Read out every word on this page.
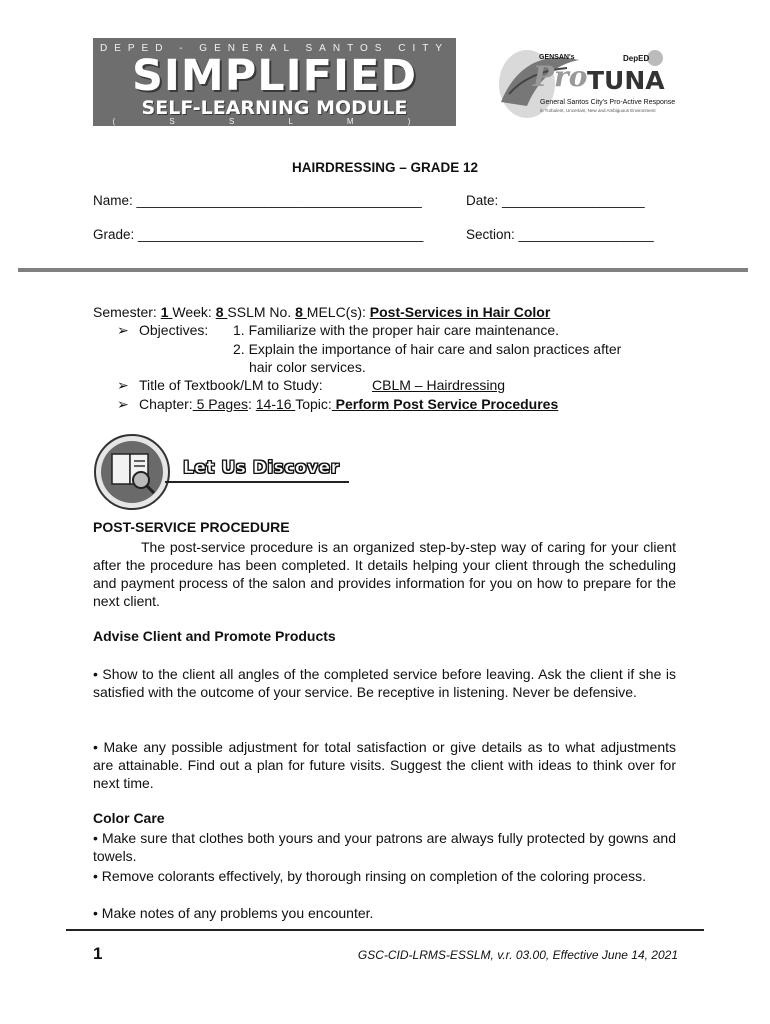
DEPED - GENERAL SANTOS CITY
SIMPLIFIED
SELF-LEARNING MODULE
( S S L M )
GENSAN's	DepED
Pro TUNA
General Santos City's Pro-Active Response
in Turbulent, Uncertain, New and Ambiguous Environment
HAIRDRESSING – GRADE 12
Name: ______________________________________	Date: ___________________
Grade: ______________________________________	Section: __________________
Semester: 1 Week: 8 SSLM No. 8 MELC(s): Post-Services in Hair Color
➢ Objectives: 1. Familiarize with the proper hair care maintenance.
2. Explain the importance of hair care and salon practices after
hair color services.
➢ Title of Textbook/LM to Study:	CBLM – Hairdressing
➢ Chapter: 5 Pages: 14-16 Topic: Perform Post Service Procedures
Let Us Discover
POST-SERVICE PROCEDURE
The post-service procedure is an organized step-by-step way of caring for your client after the procedure has been completed. It details helping your client through the scheduling and payment process of the salon and provides information for you on how to prepare for the next client.
Advise Client and Promote Products
• Show to the client all angles of the completed service before leaving. Ask the client if she is satisfied with the outcome of your service. Be receptive in listening. Never be defensive.
• Make any possible adjustment for total satisfaction or give details as to what adjustments are attainable. Find out a plan for future visits. Suggest the client with ideas to think over for next time.
Color Care
• Make sure that clothes both yours and your patrons are always fully protected by gowns and towels.
• Remove colorants effectively, by thorough rinsing on completion of the coloring process.
• Make notes of any problems you encounter.
1	GSC-CID-LRMS-ESSLM, v.r. 03.00, Effective June 14, 2021
